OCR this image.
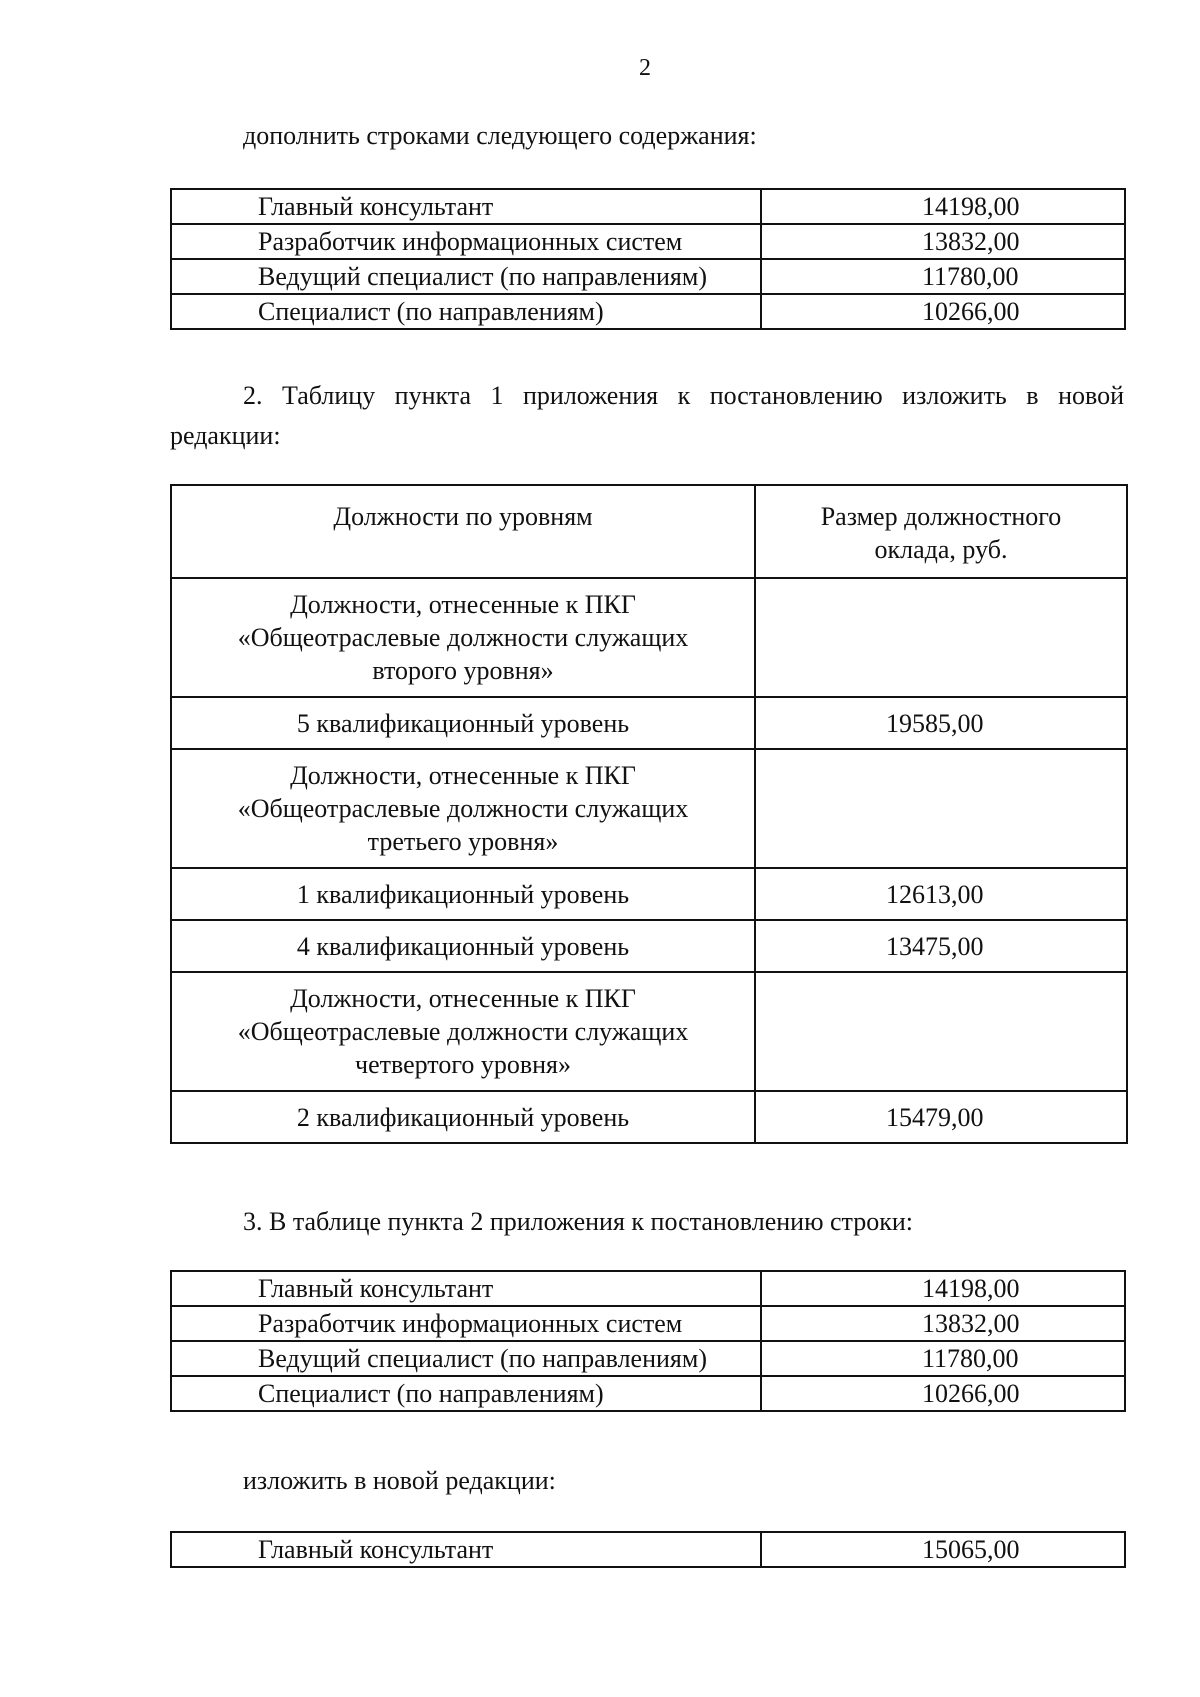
2
дополнить строками следующего содержания:
Главный консультант	14198,00
Разработчик информационных систем	13832,00
Ведущий специалист (по направлениям)	11780,00
Специалист (по направлениям)	10266,00
2. Таблицу пункта 1 приложения к постановлению изложить в новой редакции:
Должности по уровням	Размер должностного
оклада, руб.

Должности, отнесенные к ПКГ
«Общеотраслевые должности служащих
второго уровня»	

5 квалификационный уровень	19585,00

Должности, отнесенные к ПКГ
«Общеотраслевые должности служащих
третьего уровня»	

1 квалификационный уровень	12613,00
4 квалификационный уровень	13475,00

Должности, отнесенные к ПКГ
«Общеотраслевые должности служащих
четвертого уровня»	

2 квалификационный уровень	15479,00
3. В таблице пункта 2 приложения к постановлению строки:
Главный консультант	14198,00
Разработчик информационных систем	13832,00
Ведущий специалист (по направлениям)	11780,00
Специалист (по направлениям)	10266,00
изложить в новой редакции:
Главный консультант	15065,00
